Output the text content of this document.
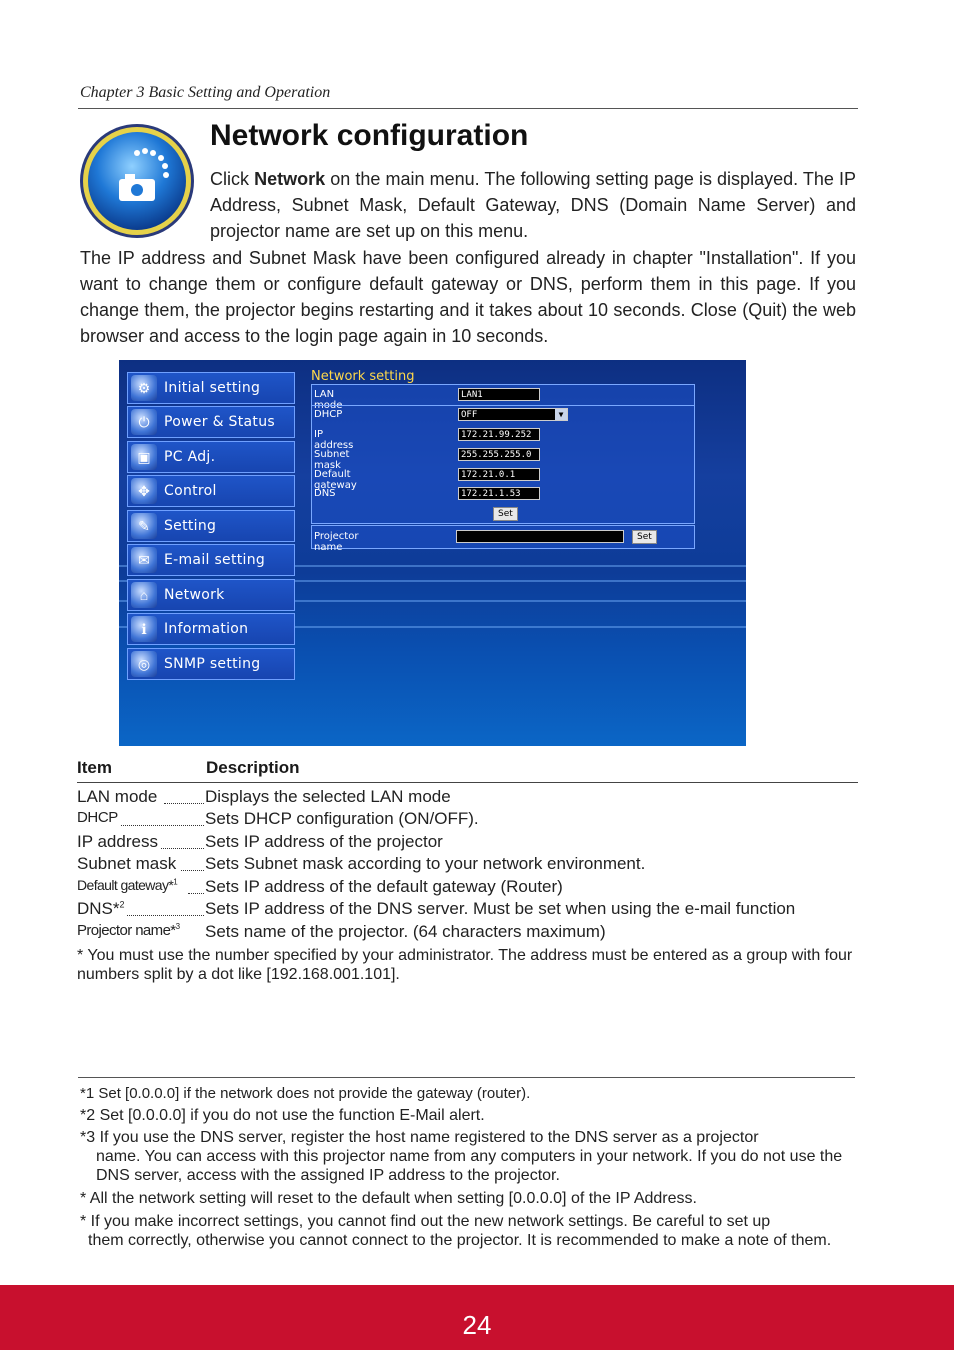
Chapter 3 Basic Setting and Operation
Network configuration
Click Network on the main menu. The following setting page is displayed. The IP Address, Subnet Mask, Default Gateway, DNS (Domain Name Server) and projector name are set up on this menu.
The IP address and Subnet Mask have been configured already in chapter "Installation". If you want to change them or configure default gateway or DNS, perform them in this page. If you change them, the projector begins restarting and it takes about 10 seconds. Close (Quit) the web browser and access to the login page again in 10 seconds.
⚙ Initial setting
⏻	Power & Status
▣ PC Adj.
✥	Control
✎	Setting
✉	E-mail setting
⌂	Network
ℹ	Information
◎ SNMP setting
Network setting
LAN	LAN1
DHCP	OFF	▼
IP address
172.21.99.252
Subnet mask
255.255.255.0
Default gateway
172.21.0.1
DNS	172.21.1.53
Set
Projector name
Set
Item	Description
LAN mode	Displays the selected LAN mode
DHCP	Sets DHCP configuration (ON/OFF).
IP address	Sets IP address of the projector
Subnet mask Sets Subnet mask according to your network environment.
Default gateway*$^1$ Sets IP address of the default gateway (Router)
DNS*$^2$	Sets IP address of the DNS server. Must be set when using the e-mail function
Projector name*$^3$ Sets name of the projector. (64 characters maximum)
* You must use the number specified by your administrator. The address must be entered as a group with four numbers split by a dot like [192.168.001.101].
*1 Set [0.0.0.0] if the network does not provide the gateway (router).
*2 Set [0.0.0.0] if you do not use the function E-Mail alert.
*3 If you use the DNS server, register the host name registered to the DNS server as a projector
name. You can access with this projector name from any computers in your network. If you do not use the DNS server, access with the assigned IP address to the projector.
* All the network setting will reset to the default when setting [0.0.0.0] of the IP Address.
* If you make incorrect settings, you cannot find out the new network settings. Be careful to set up
them correctly, otherwise you cannot connect to the projector. It is recommended to make a note of them.
24
